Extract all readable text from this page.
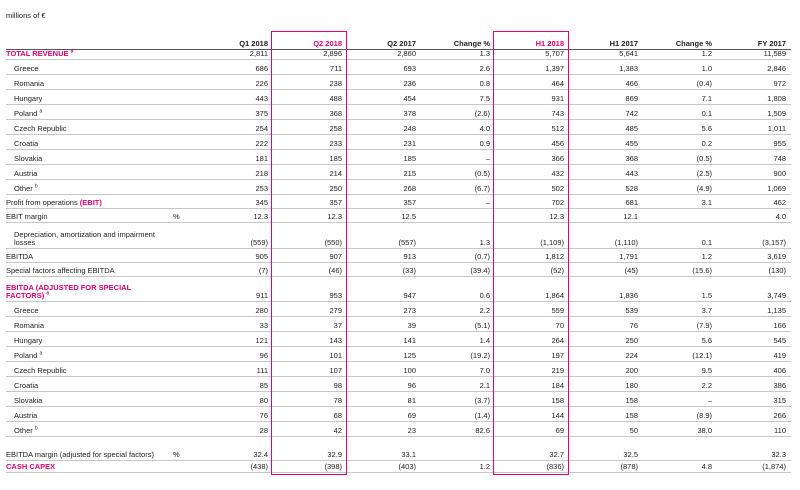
millions of €
		Q1 2018	Q2 2018	Q2 2017	Change %	H1 2018	H1 2017	Change %	FY 2017
TOTAL REVENUE $^a$		2,811	2,896	2,860	1.3	5,707	5,641	1.2	11,589
Greece		686	711	693	2.6	1,397	1,383	1.0	2,846
Romania		226	238	236	0.8	464	466	(0.4)	972
Hungary		443	488	454	7.5	931	869	7.1	1,808
Poland $^a$		375	368	378	(2.6)	743	742	0.1	1,509
Czech Republic		254	258	248	4.0	512	485	5.6	1,011
Croatia		222	233	231	0.9	456	455	0.2	955
Slovakia		181	185	185	–	366	368	(0.5)	748
Austria		218	214	215	(0.5)	432	443	(2.5)	900
Other $^b$		253	250	268	(6.7)	502	528	(4.9)	1,069
Profit from operations (EBIT)		345	357	357	–	702	681	3.1	462
EBIT margin	%	12.3	12.3	12.5		12.3	12.1		4.0
Depreciation, amortization and impairment losses		(559)	(550)	(557)	1.3	(1,109)	(1,110)	0.1	(3,157)
EBITDA		905	907	913	(0.7)	1,812	1,791	1.2	3,619
Special factors affecting EBITDA		(7)	(46)	(33)	(39.4)	(52)	(45)	(15.6)	(130)
EBITDA (ADJUSTED FOR SPECIAL FACTORS) $^a$		911	953	947	0.6	1,864	1,836	1.5	3,749
Greece		280	279	273	2.2	559	539	3.7	1,135
Romania		33	37	39	(5.1)	70	76	(7.9)	166
Hungary		121	143	141	1.4	264	250	5.6	545
Poland $^a$		96	101	125	(19.2)	197	224	(12.1)	419
Czech Republic		111	107	100	7.0	219	200	9.5	406
Croatia		85	98	96	2.1	184	180	2.2	386
Slovakia		80	78	81	(3.7)	158	158	–	315
Austria		76	68	69	(1.4)	144	158	(8.9)	266
Other $^b$		28	42	23	82.6	69	50	38.0	110
EBITDA margin (adjusted for special factors)	%	32.4	32.9	33.1		32.7	32.5		32.3
CASH CAPEX		(438)	(398)	(403)	1.2	(836)	(878)	4.8	(1,874)
